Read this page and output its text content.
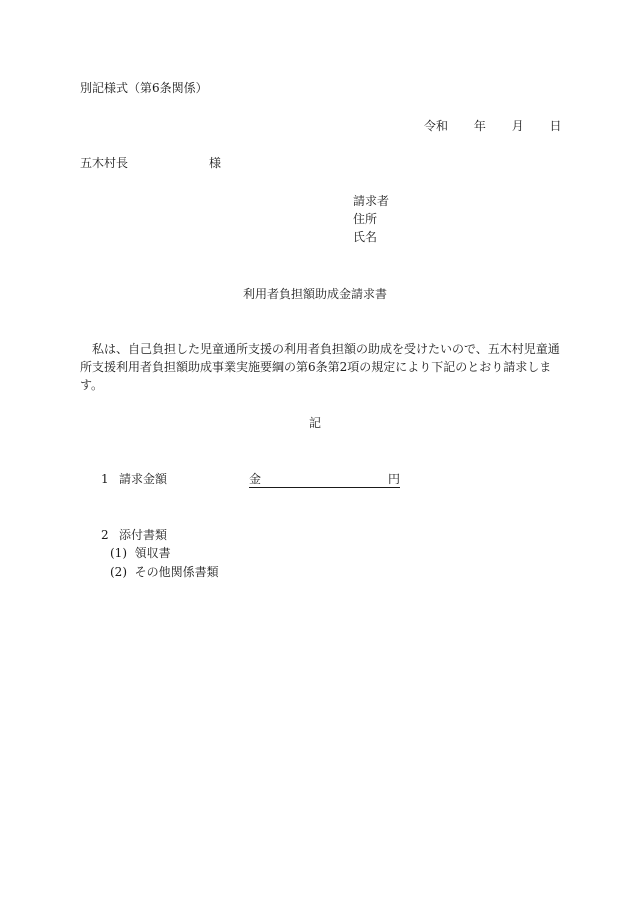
別記様式（第6条関係）
令和 年 月 日
五木村長	様
請求者
住所
氏名
利用者負担額助成金請求書
私は、自己負担した児童通所支援の利用者負担額の助成を受けたいので、五木村児童通所支援利用者負担額助成事業実施要綱の第6条第2項の規定により下記のとおり請求します。
記
1 請求金額	金	円
2 添付書類
(1)  領収書
(2)  その他関係書類
